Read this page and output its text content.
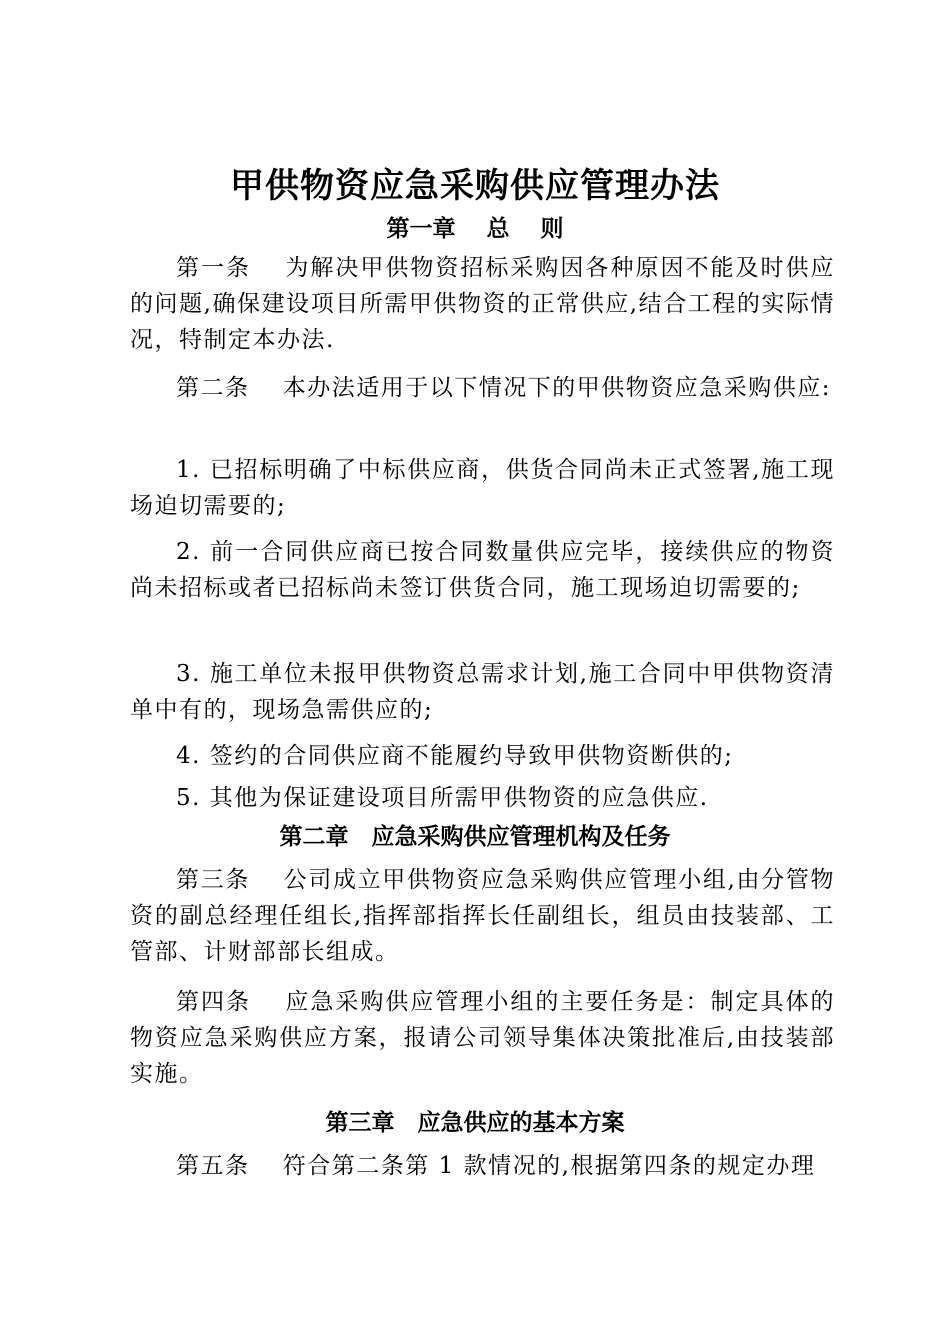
甲供物资应急采购供应管理办法
第一章　 总　 则
第一条　 为解决甲供物资招标采购因各种原因不能及时供应的问题,确保建设项目所需甲供物资的正常供应,结合工程的实际情况，特制定本办法.
第二条　 本办法适用于以下情况下的甲供物资应急采购供应:
1. 已招标明确了中标供应商，供货合同尚未正式签署,施工现场迫切需要的;
2. 前一合同供应商已按合同数量供应完毕，接续供应的物资尚未招标或者已招标尚未签订供货合同，施工现场迫切需要的;
3. 施工单位未报甲供物资总需求计划,施工合同中甲供物资清单中有的，现场急需供应的;
4. 签约的合同供应商不能履约导致甲供物资断供的;
5. 其他为保证建设项目所需甲供物资的应急供应.
第二章　应急采购供应管理机构及任务
第三条　 公司成立甲供物资应急采购供应管理小组,由分管物资的副总经理任组长,指挥部指挥长任副组长，组员由技装部、工管部、计财部部长组成。
第四条　 应急采购供应管理小组的主要任务是：制定具体的物资应急采购供应方案，报请公司领导集体决策批准后,由技装部实施。
第三章　应急供应的基本方案
第五条　 符合第二条第 1 款情况的,根据第四条的规定办理
